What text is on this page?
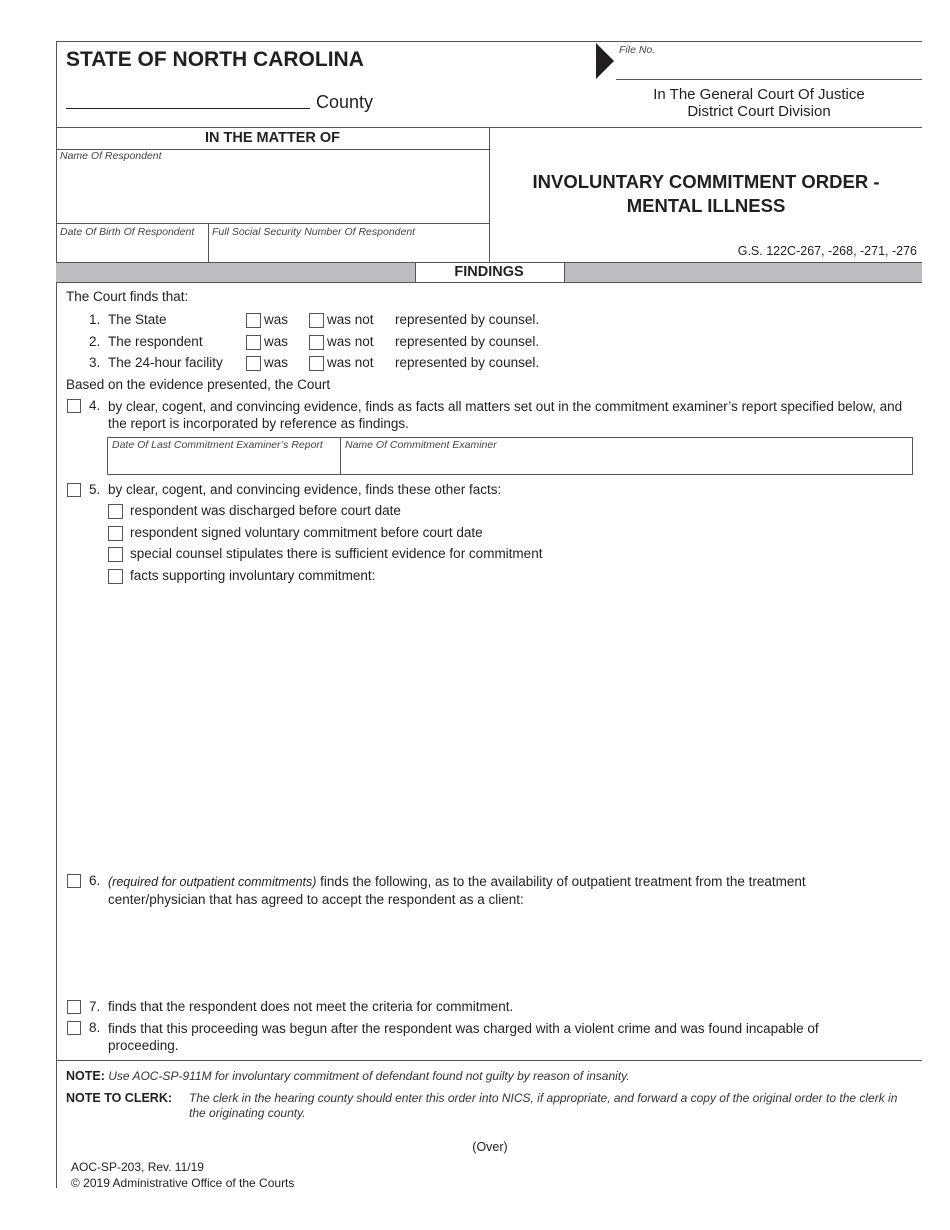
STATE OF NORTH CAROLINA	File No.
County	In The General Court Of Justice
District Court Division
IN THE MATTER OF
Name Of Respondent
Date Of Birth Of Respondent Full Social Security Number Of Respondent
INVOLUNTARY COMMITMENT ORDER -
MENTAL ILLNESS
G.S. 122C-267, -268, -271, -276
FINDINGS
The Court finds that:
1. The State	was	was not represented by counsel.
2. The respondent	was	was not represented by counsel.
3. The 24-hour facility	was	was not represented by counsel.
Based on the evidence presented, the Court
4. by clear, cogent, and convincing evidence, finds as facts all matters set out in the commitment examiner’s report specified below, and the report is incorporated by reference as findings.
Date Of Last Commitment Examiner’s Report Name Of Commitment Examiner
5. by clear, cogent, and convincing evidence, finds these other facts:
respondent was discharged before court date
respondent signed voluntary commitment before court date
special counsel stipulates there is sufficient evidence for commitment
facts supporting involuntary commitment:
6. (required for outpatient commitments) finds the following, as to the availability of outpatient treatment from the treatment center/physician that has agreed to accept the respondent as a client:
7. finds that the respondent does not meet the criteria for commitment.
8. finds that this proceeding was begun after the respondent was charged with a violent crime and was found incapable of proceeding.
NOTE: Use AOC-SP-911M for involuntary commitment of defendant found not guilty by reason of insanity.
NOTE TO CLERK: The clerk in the hearing county should enter this order into NICS, if appropriate, and forward a copy of the original order to the clerk in the originating county.
(Over)
AOC-SP-203, Rev. 11/19
© 2019 Administrative Office of the Courts
